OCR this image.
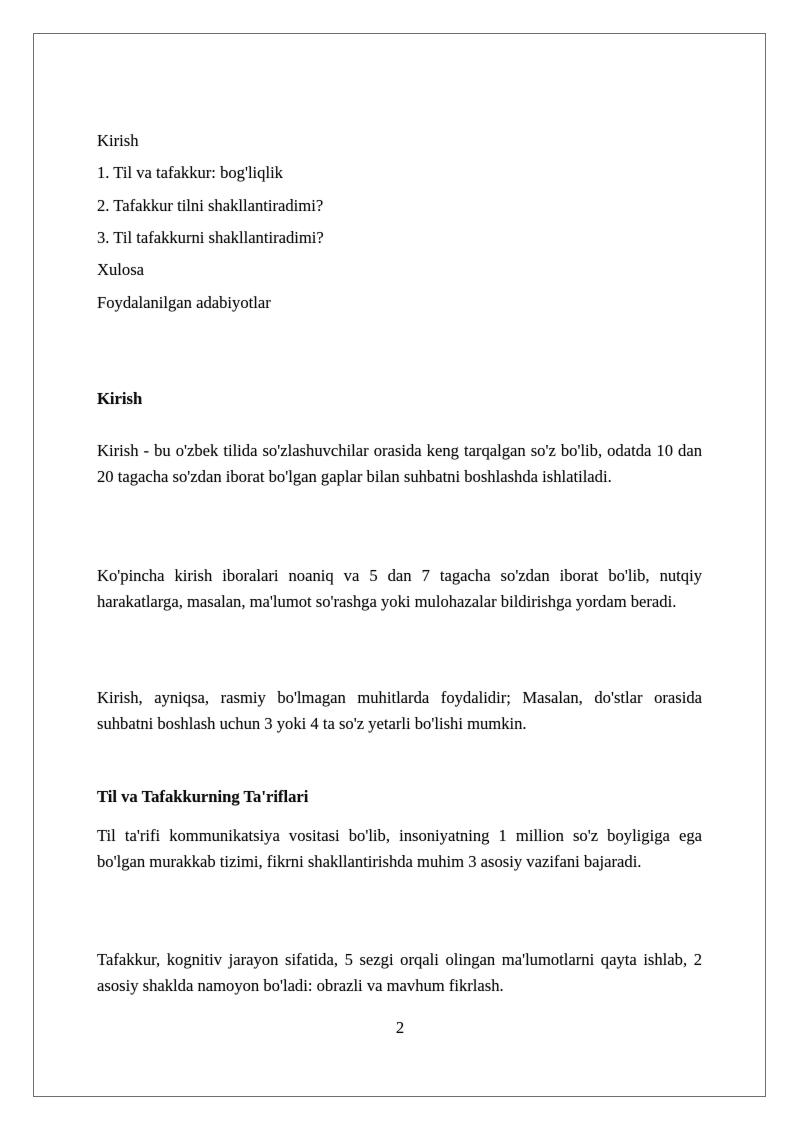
Kirish
1. Til va tafakkur: bog'liqlik
2. Tafakkur tilni shakllantiradimi?
3. Til tafakkurni shakllantiradimi?
Xulosa
Foydalanilgan adabiyotlar
Kirish
Kirish - bu o'zbek tilida so'zlashuvchilar orasida keng tarqalgan so'z bo'lib, odatda 10 dan 20 tagacha so'zdan iborat bo'lgan gaplar bilan suhbatni boshlashda ishlatiladi.
Ko'pincha kirish iboralari noaniq va 5 dan 7 tagacha so'zdan iborat bo'lib, nutqiy harakatlarga, masalan, ma'lumot so'rashga yoki mulohazalar bildirishga yordam beradi.
Kirish, ayniqsa, rasmiy bo'lmagan muhitlarda foydalidir; Masalan, do'stlar orasida suhbatni boshlash uchun 3 yoki 4 ta so'z yetarli bo'lishi mumkin.
Til va Tafakkurning Ta'riflari
Til ta'rifi kommunikatsiya vositasi bo'lib, insoniyatning 1 million so'z boyligiga ega bo'lgan murakkab tizimi, fikrni shakllantirishda muhim 3 asosiy vazifani bajaradi.
Tafakkur, kognitiv jarayon sifatida, 5 sezgi orqali olingan ma'lumotlarni qayta ishlab, 2 asosiy shaklda namoyon bo'ladi: obrazli va mavhum fikrlash.
2
